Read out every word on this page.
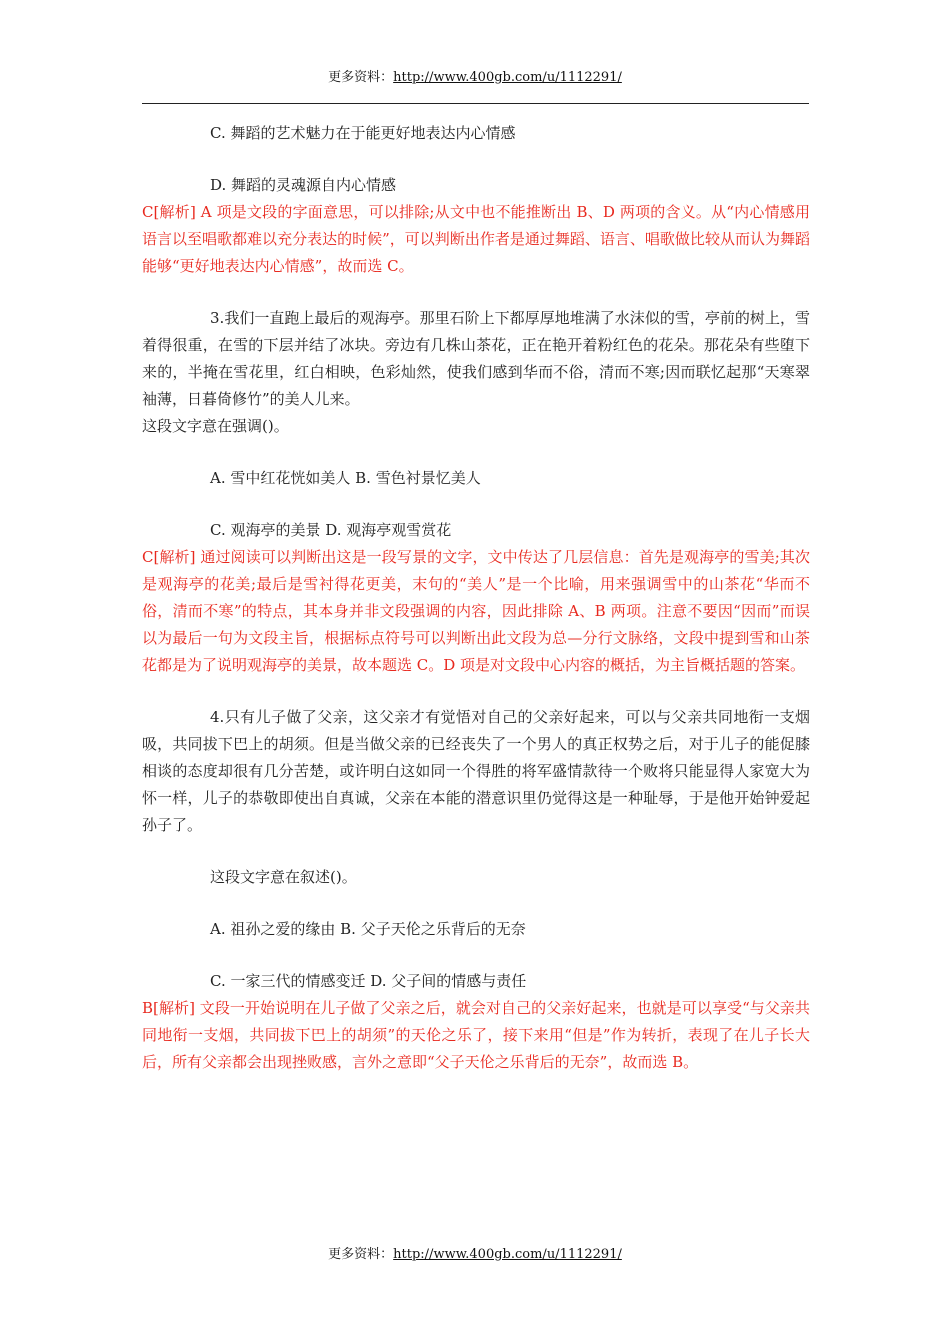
更多资料：http://www.400gb.com/u/1112291/

C. 舞蹈的艺术魅力在于能更好地表达内心情感

D. 舞蹈的灵魂源自内心情感

C[解析] A 项是文段的字面意思，可以排除;从文中也不能推断出 B、D 两项的含义。从“内心情感用语言以至唱歌都难以充分表达的时候”，可以判断出作者是通过舞蹈、语言、唱歌做比较从而认为舞蹈能够“更好地表达内心情感”，故而选 C。

3.我们一直跑上最后的观海亭。那里石阶上下都厚厚地堆满了水沫似的雪，亭前的树上，雪着得很重，在雪的下层并结了冰块。旁边有几株山茶花，正在艳开着粉红色的花朵。那花朵有些堕下来的，半掩在雪花里，红白相映，色彩灿然，使我们感到华而不俗，清而不寒;因而联忆起那“天寒翠袖薄，日暮倚修竹”的美人儿来。

这段文字意在强调()。

A. 雪中红花恍如美人 B. 雪色衬景忆美人

C. 观海亭的美景 D. 观海亭观雪赏花

C[解析] 通过阅读可以判断出这是一段写景的文字，文中传达了几层信息：首先是观海亭的雪美;其次是观海亭的花美;最后是雪衬得花更美，末句的“美人”是一个比喻，用来强调雪中的山茶花“华而不俗，清而不寒”的特点，其本身并非文段强调的内容，因此排除 A、B 两项。注意不要因“因而”而误以为最后一句为文段主旨，根据标点符号可以判断出此文段为总—分行文脉络，文段中提到雪和山茶花都是为了说明观海亭的美景，故本题选 C。D 项是对文段中心内容的概括，为主旨概括题的答案。

4.只有儿子做了父亲，这父亲才有觉悟对自己的父亲好起来，可以与父亲共同地衔一支烟吸，共同拔下巴上的胡须。但是当做父亲的已经丧失了一个男人的真正权势之后，对于儿子的能促膝相谈的态度却很有几分苦楚，或许明白这如同一个得胜的将军盛情款待一个败将只能显得人家宽大为怀一样，儿子的恭敬即使出自真诚，父亲在本能的潜意识里仍觉得这是一种耻辱，于是他开始钟爱起孙子了。

这段文字意在叙述()。

A. 祖孙之爱的缘由 B. 父子天伦之乐背后的无奈

C. 一家三代的情感变迁 D. 父子间的情感与责任

B[解析] 文段一开始说明在儿子做了父亲之后，就会对自己的父亲好起来，也就是可以享受“与父亲共同地衔一支烟，共同拔下巴上的胡须”的天伦之乐了，接下来用“但是”作为转折，表现了在儿子长大后，所有父亲都会出现挫败感，言外之意即“父子天伦之乐背后的无奈”，故而选 B。

更多资料：http://www.400gb.com/u/1112291/
